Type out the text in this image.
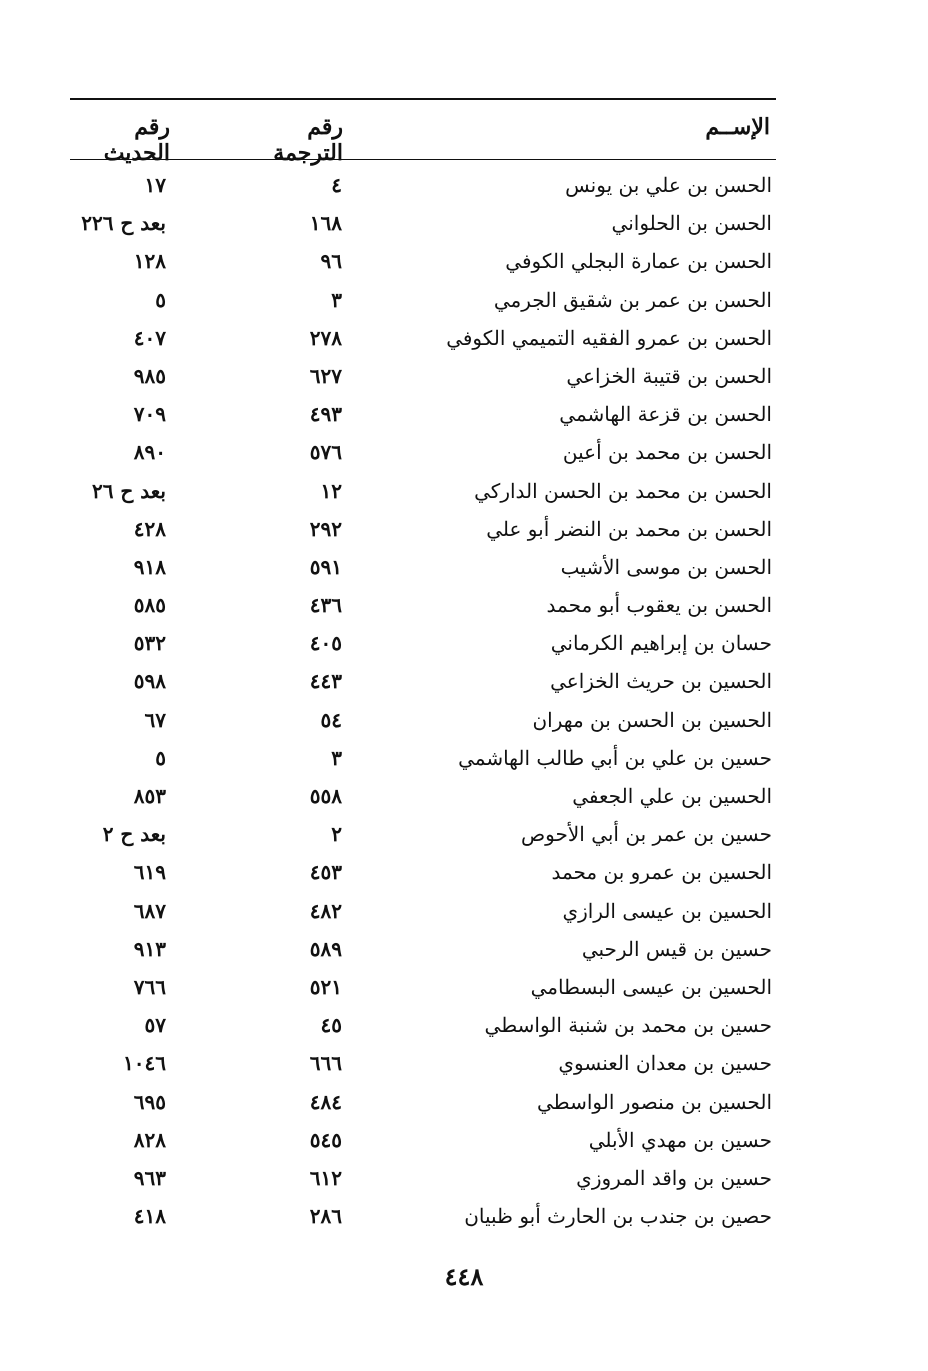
الإســم
رقم الترجمة
رقم الحديث
الحسن بن علي بن يونس
٤
١٧
الحسن بن الحلواني
١٦٨
بعد ح ٢٢٦
الحسن بن عمارة البجلي الكوفي
٩٦
١٢٨
الحسن بن عمر بن شقيق الجرمي
٣
٥
الحسن بن عمرو الفقيه التميمي الكوفي
٢٧٨
٤٠٧
الحسن بن قتيبة الخزاعي
٦٢٧
٩٨٥
الحسن بن قزعة الهاشمي
٤٩٣
٧٠٩
الحسن بن محمد بن أعين
٥٧٦
٨٩٠
الحسن بن محمد بن الحسن الداركي
١٢
بعد ح ٢٦
الحسن بن محمد بن النضر أبو علي
٢٩٢
٤٢٨
الحسن بن موسى الأشيب
٥٩١
٩١٨
الحسن بن يعقوب أبو محمد
٤٣٦
٥٨٥
حسان بن إبراهيم الكرماني
٤٠٥
٥٣٢
الحسين بن حريث الخزاعي
٤٤٣
٥٩٨
الحسين بن الحسن بن مهران
٥٤
٦٧
حسين بن علي بن أبي طالب الهاشمي
٣
٥
الحسين بن علي الجعفي
٥٥٨
٨٥٣
حسين بن عمر بن أبي الأحوص
٢
بعد ح ٢
الحسين بن عمرو بن محمد
٤٥٣
٦١٩
الحسين بن عيسى الرازي
٤٨٢
٦٨٧
حسين بن قيس الرحبي
٥٨٩
٩١٣
الحسين بن عيسى البسطامي
٥٢١
٧٦٦
حسين بن محمد بن شنبة الواسطي
٤٥
٥٧
حسين بن معدان العنسوي
٦٦٦
١٠٤٦
الحسين بن منصور الواسطي
٤٨٤
٦٩٥
حسين بن مهدي الأبلي
٥٤٥
٨٢٨
حسين بن واقد المروزي
٦١٢
٩٦٣
حصين بن جندب بن الحارث أبو ظبيان
٢٨٦
٤١٨
٤٤٨
